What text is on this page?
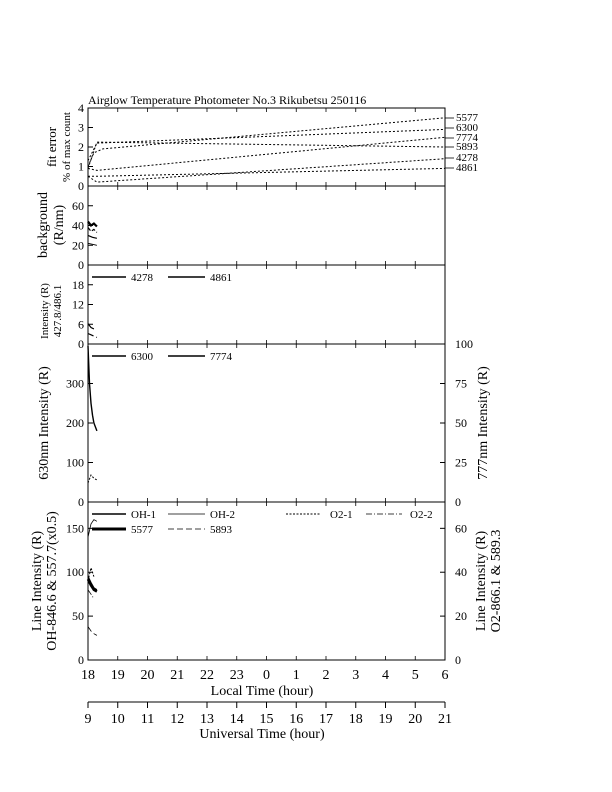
Airglow Temperature Photometer No.3 Rikubetsu 250116
fit error % of max count
background (R/nm)
Intensity (R) 427.8/486.1
630nm Intensity (R)	777nm Intensity (R)
Line Intensity (R) OH-846.6 & 557.7(x0.5)	Line Intensity (R) O2-866.1 & 589.3
5577
6300
7774
5893
4278
4861
4278	4861
6300	7774
OH-1	OH-2	O2-1	O2-2
5577	5893
Local Time (hour)
Universal Time (hour)
0
1
2
3
4
0
20
40
60
0
6
12
18
0
100
200
300
0
25
50
75
100
0
50
100
150
0
20
40
60
18 19 20 21 22 23 0 1 2 3 4 5 6
9 10 11 12 13 14 15 16 17 18 19 20 21
